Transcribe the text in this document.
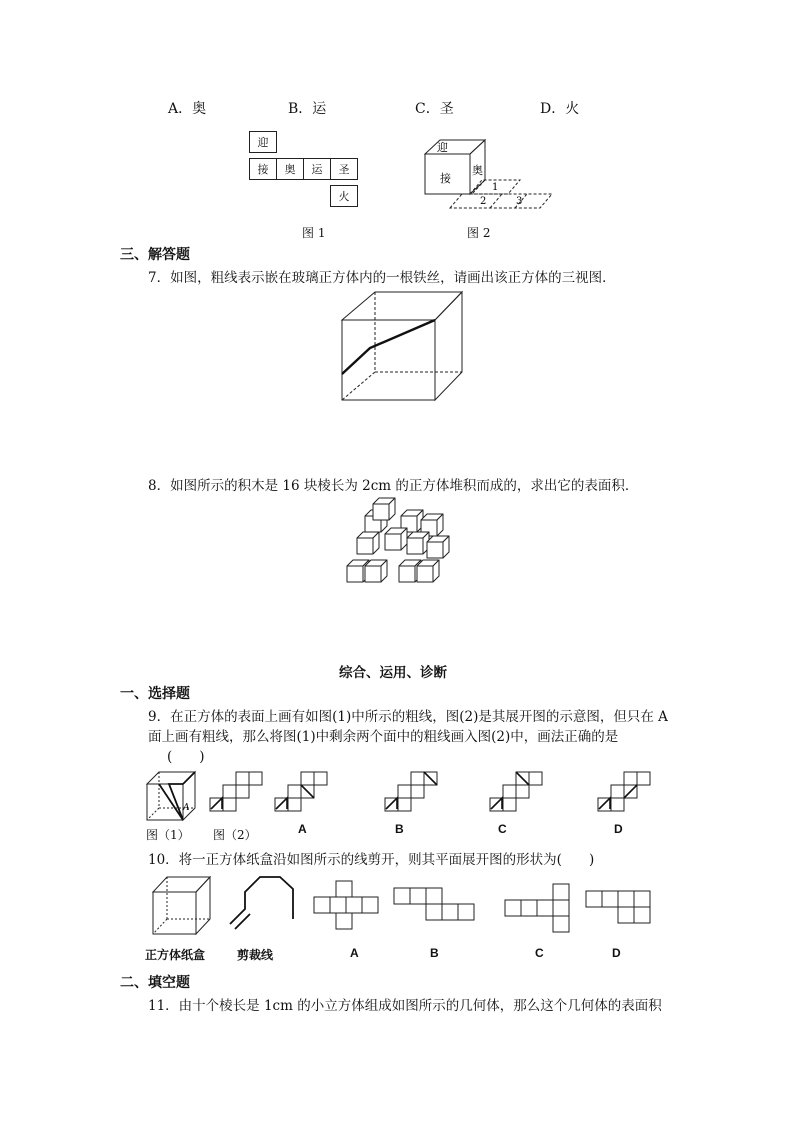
A．奥	B．运	C．圣	D．火
迎
接	奥	运	圣
火
图 1
迎
接
奥
1
2	3
图 2
三、解答题
7．如图，粗线表示嵌在玻璃正方体内的一根铁丝，请画出该正方体的三视图．
8．如图所示的积木是 16 块棱长为 2cm 的正方体堆积而成的，求出它的表面积．
综合、运用、诊断
一、选择题
9．在正方体的表面上画有如图(1)中所示的粗线，图(2)是其展开图的示意图，但只在 A
面上画有粗线，那么将图(1)中剩余两个面中的粗线画入图(2)中，画法正确的是
(　　)
A
图（1） 图（2）	A	B	C	D
10．将一正方体纸盒沿如图所示的线剪开，则其平面展开图的形状为(　　)
正方体纸盒	剪裁线	A	B	C	D
二、填空题
11．由十个棱长是 1cm 的小立方体组成如图所示的几何体，那么这个几何体的表面积
